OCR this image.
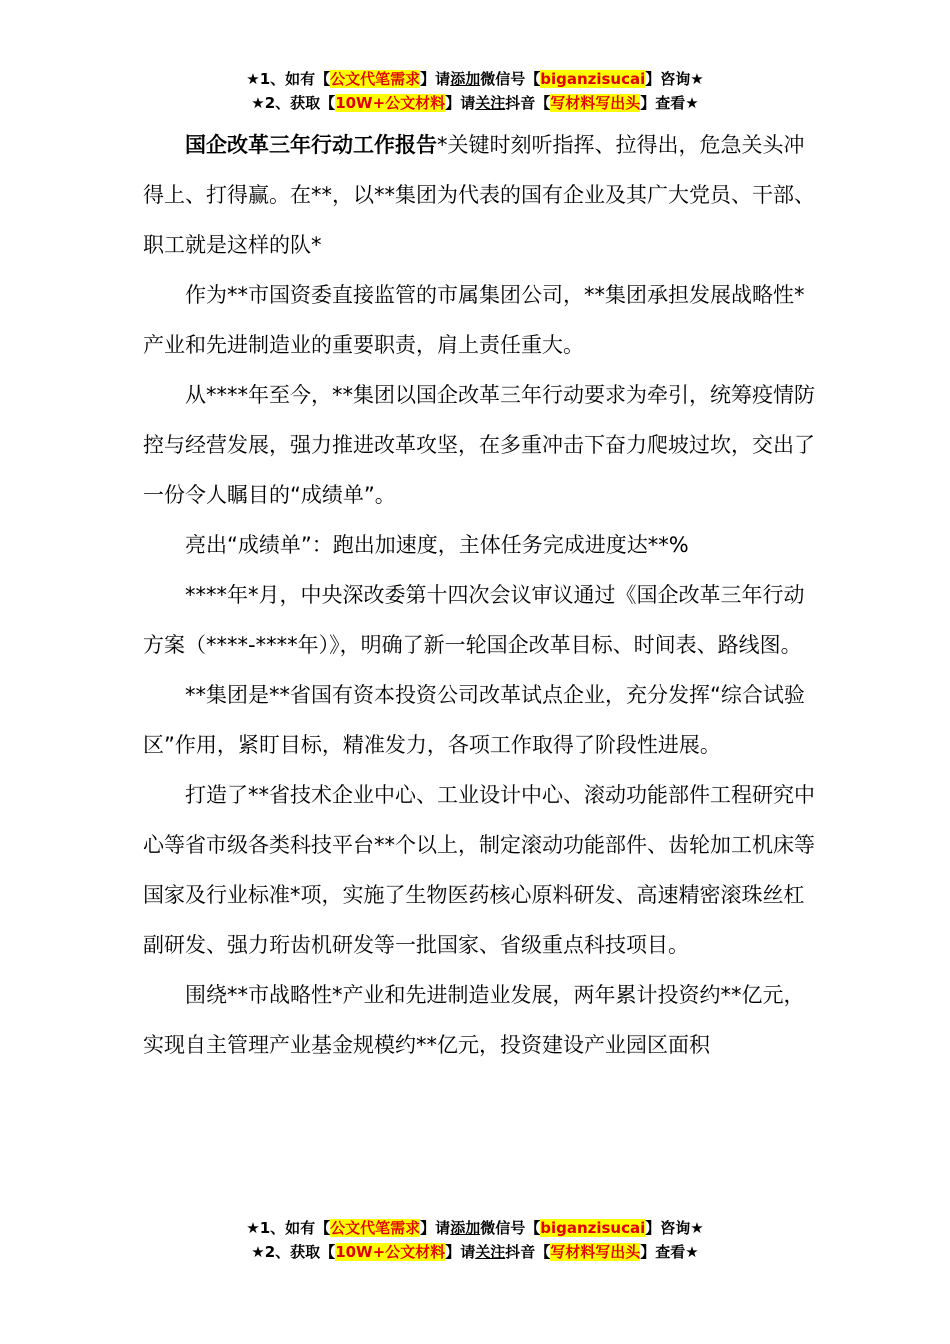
★1、如有【公文代笔需求】请添加微信号【biganzisucai】咨询★
★2、获取【10W+公文材料】请关注抖音【写材料写出头】查看★

国企改革三年行动工作报告*关键时刻听指挥、拉得出，危急关头冲得上、打得赢。在**，以**集团为代表的国有企业及其广大党员、干部、职工就是这样的队*

作为**市国资委直接监管的市属集团公司，**集团承担发展战略性*产业和先进制造业的重要职责，肩上责任重大。

从****年至今，**集团以国企改革三年行动要求为牵引，统筹疫情防控与经营发展，强力推进改革攻坚，在多重冲击下奋力爬坡过坎，交出了一份令人瞩目的“成绩单”。

亮出“成绩单”：跑出加速度，主体任务完成进度达**%

****年*月，中央深改委第十四次会议审议通过《国企改革三年行动方案（****-****年）》，明确了新一轮国企改革目标、时间表、路线图。

**集团是**省国有资本投资公司改革试点企业，充分发挥“综合试验区”作用，紧盯目标，精准发力，各项工作取得了阶段性进展。

打造了**省技术企业中心、工业设计中心、滚动功能部件工程研究中心等省市级各类科技平台**个以上，制定滚动功能部件、齿轮加工机床等国家及行业标准*项，实施了生物医药核心原料研发、高速精密滚珠丝杠副研发、强力珩齿机研发等一批国家、省级重点科技项目。

围绕**市战略性*产业和先进制造业发展，两年累计投资约**亿元，实现自主管理产业基金规模约**亿元，投资建设产业园区面积

★1、如有【公文代笔需求】请添加微信号【biganzisucai】咨询★
★2、获取【10W+公文材料】请关注抖音【写材料写出头】查看★
